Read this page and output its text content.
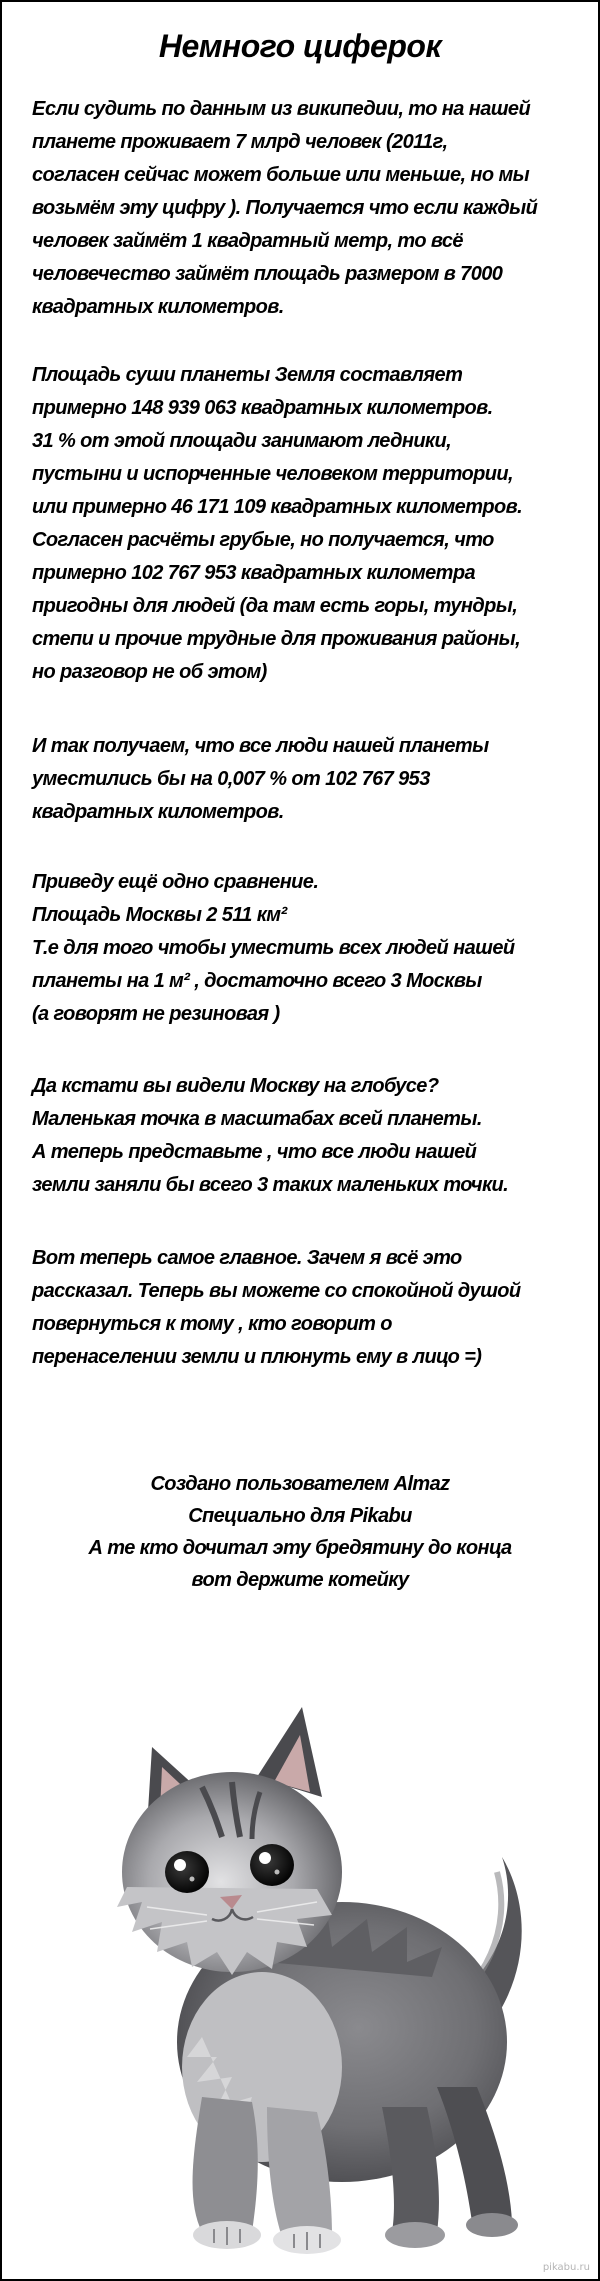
Немного циферок
Если судить по данным из википедии, то на нашей
планете проживает 7 млрд человек (2011г,
согласен сейчас может больше или меньше, но мы
возьмём эту цифру ). Получается что если каждый
человек займёт 1 квадратный метр, то всё
человечество займёт площадь размером в 7000
квадратных километров.
Площадь суши планеты Земля составляет
примерно 148 939 063 квадратных километров.
31 % от этой площади занимают ледники,
пустыни и испорченные человеком территории,
или примерно 46 171 109 квадратных километров.
Согласен расчёты грубые, но получается, что
примерно 102 767 953 квадратных километра
пригодны для людей (да там есть горы, тундры,
степи и прочие трудные для проживания районы,
но разговор не об этом)
И так получаем, что все люди нашей планеты
уместились бы на 0,007 % от 102 767 953
квадратных километров.
Приведу ещё одно сравнение.
Площадь Москвы 2 511 км²
Т.е для того чтобы уместить всех людей нашей
планеты на 1 м² , достаточно всего 3 Москвы
(а говорят не резиновая )
Да кстати вы видели Москву на глобусе?
Маленькая точка в масштабах всей планеты.
А теперь представьте , что все люди нашей
земли заняли бы всего 3 таких маленьких точки.
Вот теперь самое главное. Зачем я всё это
рассказал. Теперь вы можете со спокойной душой
повернуться к тому , кто говорит о
перенаселении земли и плюнуть ему в лицо =)
Создано пользователем Almaz
Специально для Pikabu
А те кто дочитал эту бредятину до конца
вот держите котейку
pikabu.ru
